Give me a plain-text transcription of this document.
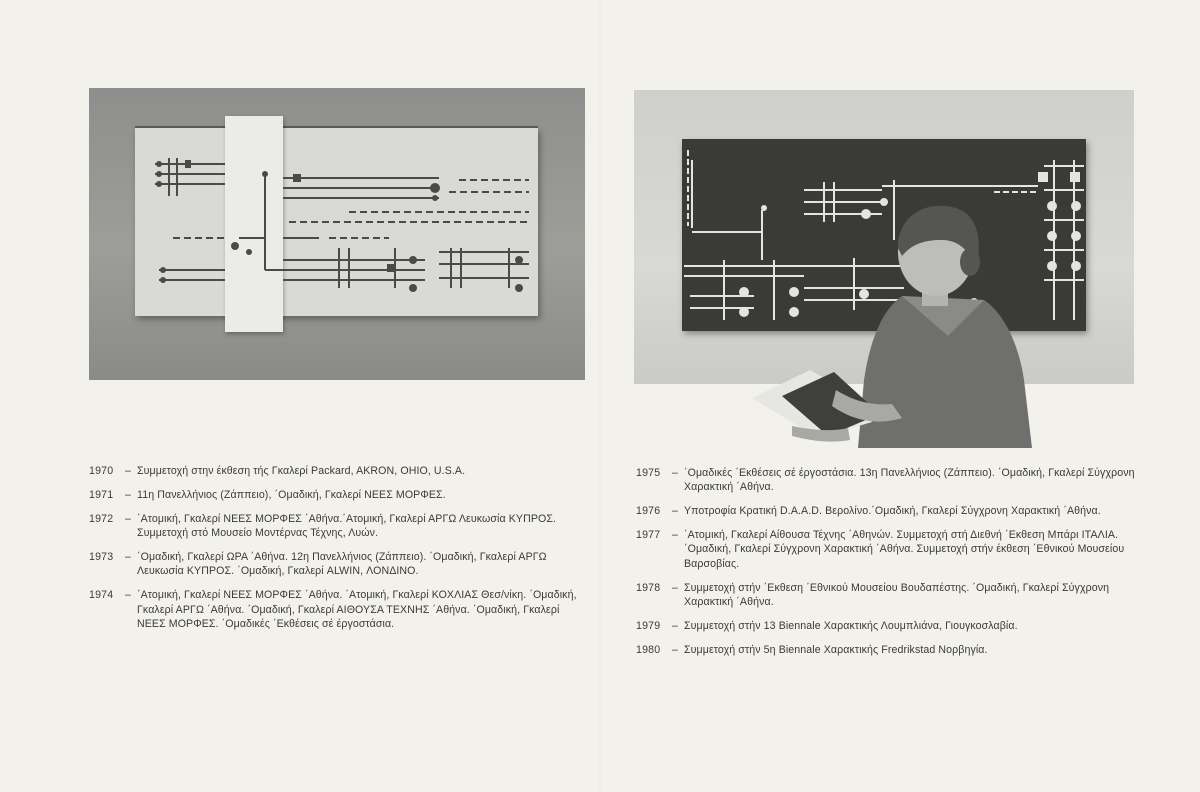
1970	– Συμμετοχή στην έκθεση τής Γκαλερί Packard, AKRON, OHIO, U.S.A.
1971	– 11η Πανελλήνιος (Ζάππειο), ΄Ομαδική, Γκαλερί ΝΕΕΣ ΜΟΡΦΕΣ.
1972	– ΄Ατομική, Γκαλερί ΝΕΕΣ ΜΟΡΦΕΣ ΄Αθήνα.΄Ατομική, Γκαλερί ΑΡΓΩ Λευκωσία ΚΥΠΡΟΣ. Συμμετοχή στό Μουσείο Μοντέρνας Τέχνης, Λυών.
1973	– ΄Ομαδική, Γκαλερί ΩΡΑ ΄Αθήνα. 12η Πανελλήνιος (Ζάππειο). ΄Ομαδική, Γκαλερί ΑΡΓΩ Λευκωσία ΚΥΠΡΟΣ. ΄Ομαδική, Γκαλερί ALWIN, ΛΟΝΔΙΝΟ.
1974	– ΄Ατομική, Γκαλερί ΝΕΕΣ ΜΟΡΦΕΣ ΄Αθήνα. ΄Ατομική, Γκαλερί ΚΟΧΛΙΑΣ Θεσ/νίκη. ΄Ομαδική, Γκαλερί ΑΡΓΩ ΄Αθήνα. ΄Ομαδική, Γκαλερί ΑΙΘΟΥΣΑ ΤΕΧΝΗΣ ΄Αθήνα. ΄Ομαδική, Γκαλερί ΝΕΕΣ ΜΟΡΦΕΣ. ΄Ομαδικές ΄Εκθέσεις σέ έργοστάσια.
1975	– ΄Ομαδικές ΄Εκθέσεις σέ έργοστάσια. 13η Πανελλήνιος (Ζάππειο). ΄Ομαδική, Γκαλερί Σύγχρονη Χαρακτική ΄Αθήνα.
1976	– Υποτροφία Κρατική D.A.A.D. Βερολίνο.΄Ομαδική, Γκαλερί Σύγχρονη Χαρακτική ΄Αθήνα.
1977	– ΄Ατομική, Γκαλερί Αίθουσα Τέχνης ΄Αθηνών. Συμμετοχή στή Διεθνή ΄Εκθεση Μπάρι ΙΤΑΛΙΑ. ΄Ομαδική, Γκαλερί Σύγχρονη Χαρακτική ΄Αθήνα. Συμμετοχή στήν έκθεση ΄Εθνικού Μουσείου Βαρσοβίας.
1978	– Συμμετοχή στήν ΄Εκθεση ΄Εθνικού Μουσείου Βουδαπέστης. ΄Ομαδική, Γκαλερί Σύγχρονη Χαρακτική ΄Αθήνα.
1979	– Συμμετοχή στήν 13 Biennale Χαρακτικής Λουμπλιάνα, Γιουγκοσλαβία.
1980	– Συμμετοχή στήν 5η Biennale Χαρακτικής Fredrikstad Νορβηγία.
